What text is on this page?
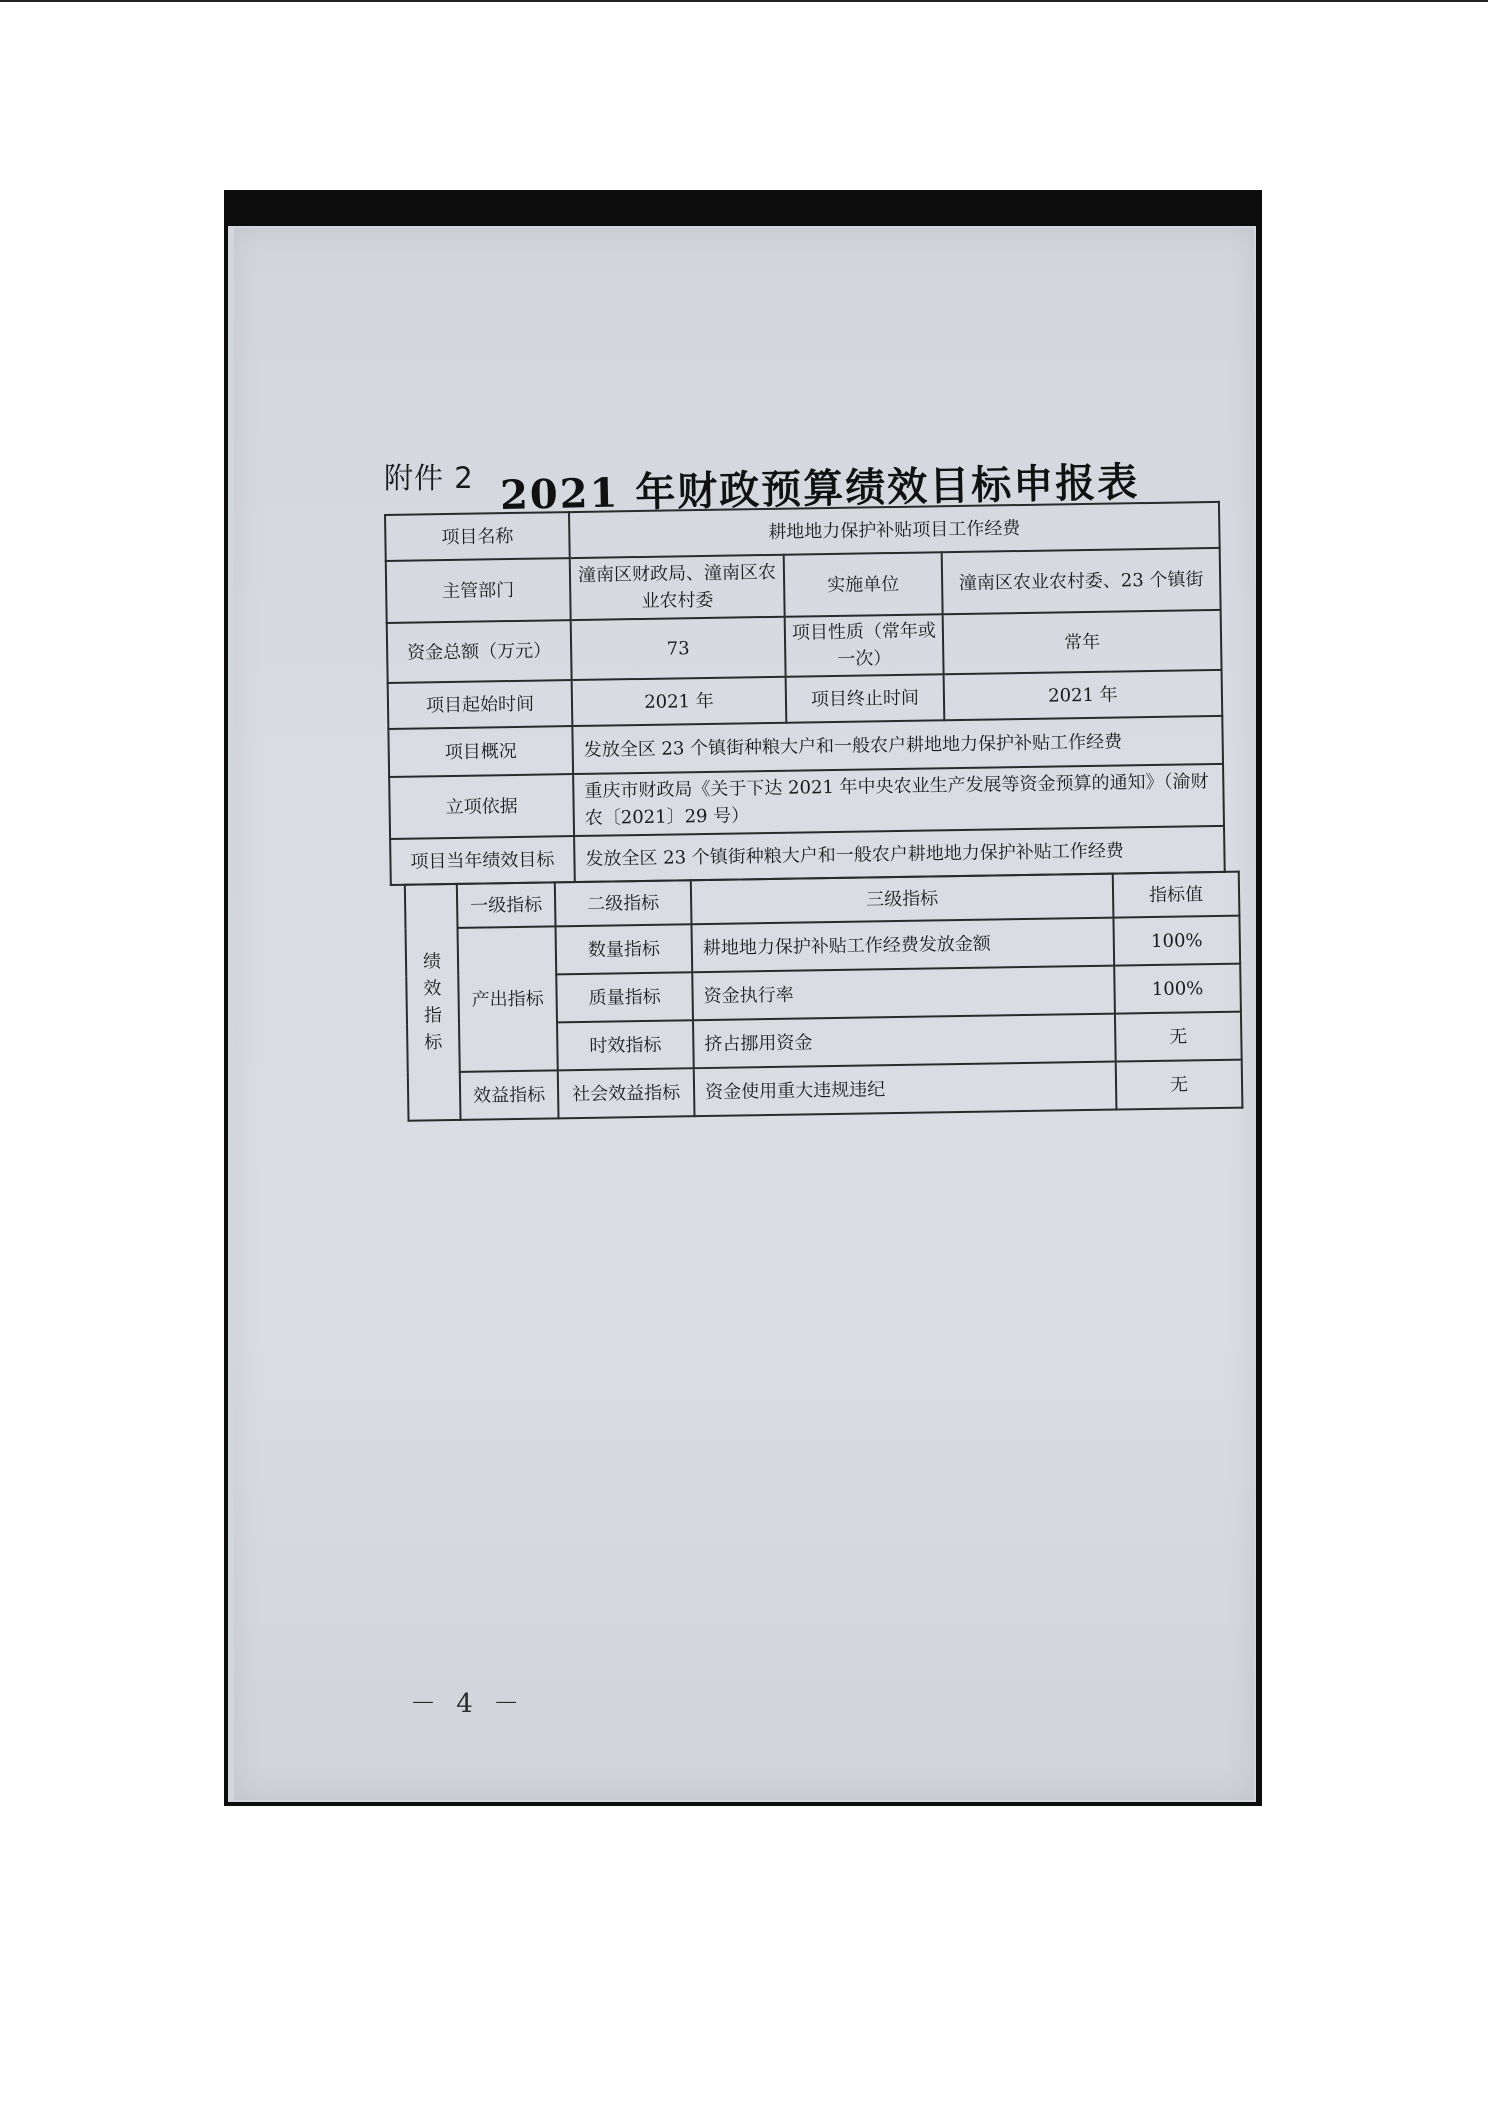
附件 2 2021 年财政预算绩效目标申报表
项目名称	耕地地力保护补贴项目工作经费		
主管部门	潼南区财政局、潼南区农业农村委	实施单位	潼南区农业农村委、23 个镇街
资金总额（万元）	73	项目性质（常年或一次）	常年
项目起始时间	2021 年	项目终止时间	2021 年
项目概况	发放全区 23 个镇街种粮大户和一般农户耕地地力保护补贴工作经费		
立项依据	重庆市财政局《关于下达 2021 年中央农业生产发展等资金预算的通知》（渝财农〔2021〕29 号）		
项目当年绩效目标	发放全区 23 个镇街种粮大户和一般农户耕地地力保护补贴工作经费		
绩效指标	一级指标	二级指标	三级指标	指标值
	产出指标	数量指标	耕地地力保护补贴工作经费发放金额	100%
		质量指标	资金执行率	100%
		时效指标	挤占挪用资金	无
	效益指标	社会效益指标	资金使用重大违规违纪	无
－ 4 －
